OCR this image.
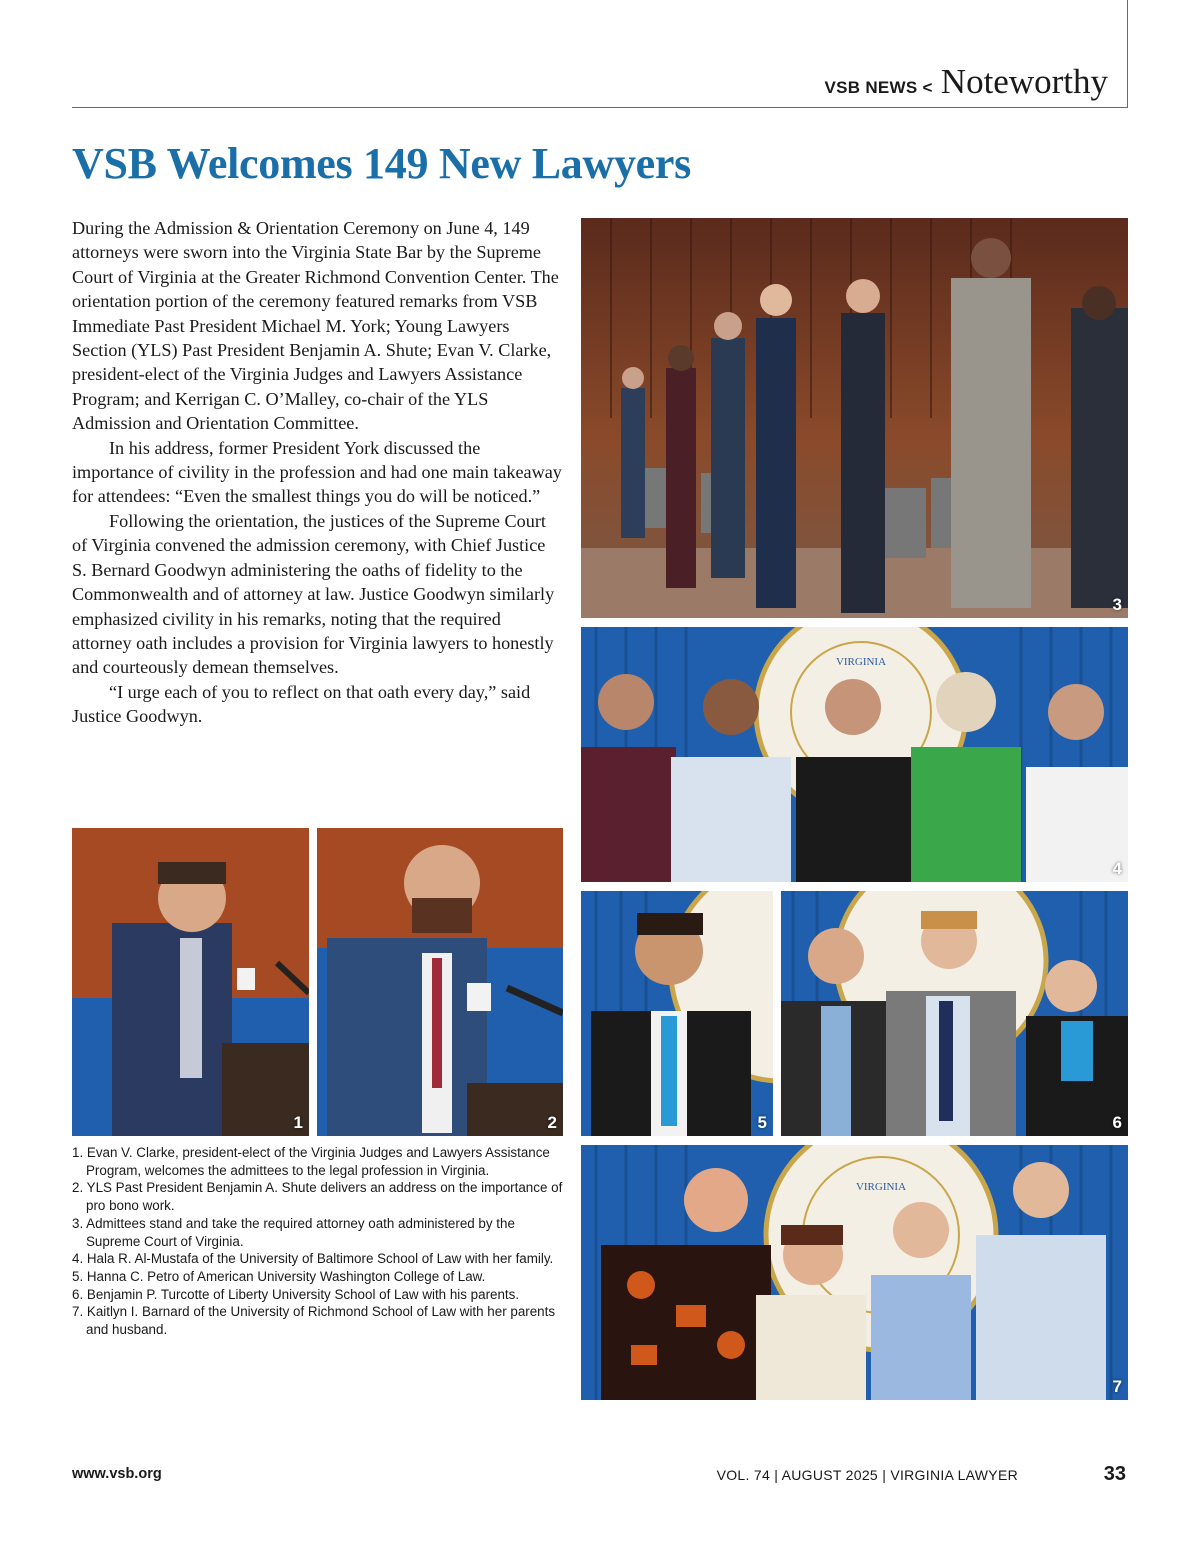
VSB NEWS < Noteworthy
VSB Welcomes 149 New Lawyers

During the Admission & Orientation Ceremony on June 4, 149 attorneys were sworn into the Virginia State Bar by the Supreme Court of Virginia at the Greater Richmond Convention Center. The orientation portion of the ceremony featured remarks from VSB Immediate Past President Michael M. York; Young Lawyers Section (YLS) Past President Benjamin A. Shute; Evan V. Clarke, president-elect of the Virginia Judges and Lawyers Assistance Program; and Kerrigan C. O’Malley, co-chair of the YLS Admission and Orientation Committee.

In his address, former President York discussed the importance of civility in the profession and had one main takeaway for attendees: “Even the smallest things you do will be noticed.”

Following the orientation, the justices of the Supreme Court of Virginia convened the admission ceremony, with Chief Justice S. Bernard Goodwyn administering the oaths of fidelity to the Commonwealth and of attorney at law. Justice Goodwyn similarly emphasized civility in his remarks, noting that the required attorney oath includes a provision for Virginia lawyers to honestly and courteously demean themselves.

“I urge each of you to reflect on that oath every day,” said Justice Goodwyn.

3
VIRGINIA
4
1	2	5	6
VIRGINIA
7
1. Evan V. Clarke, president-elect of the Virginia Judges and Lawyers Assistance Program, welcomes the admittees to the legal profession in Virginia.
2. YLS Past President Benjamin A. Shute delivers an address on the importance of pro bono work.
3. Admittees stand and take the required attorney oath administered by the Supreme Court of Virginia.
4. Hala R. Al-Mustafa of the University of Baltimore School of Law with her family.
5. Hanna C. Petro of American University Washington College of Law.
6. Benjamin P. Turcotte of Liberty University School of Law with his parents.
7. Kaitlyn I. Barnard of the University of Richmond School of Law with her parents and husband.
www.vsb.org	VOL. 74 | AUGUST 2025 | VIRGINIA LAWYER	33
